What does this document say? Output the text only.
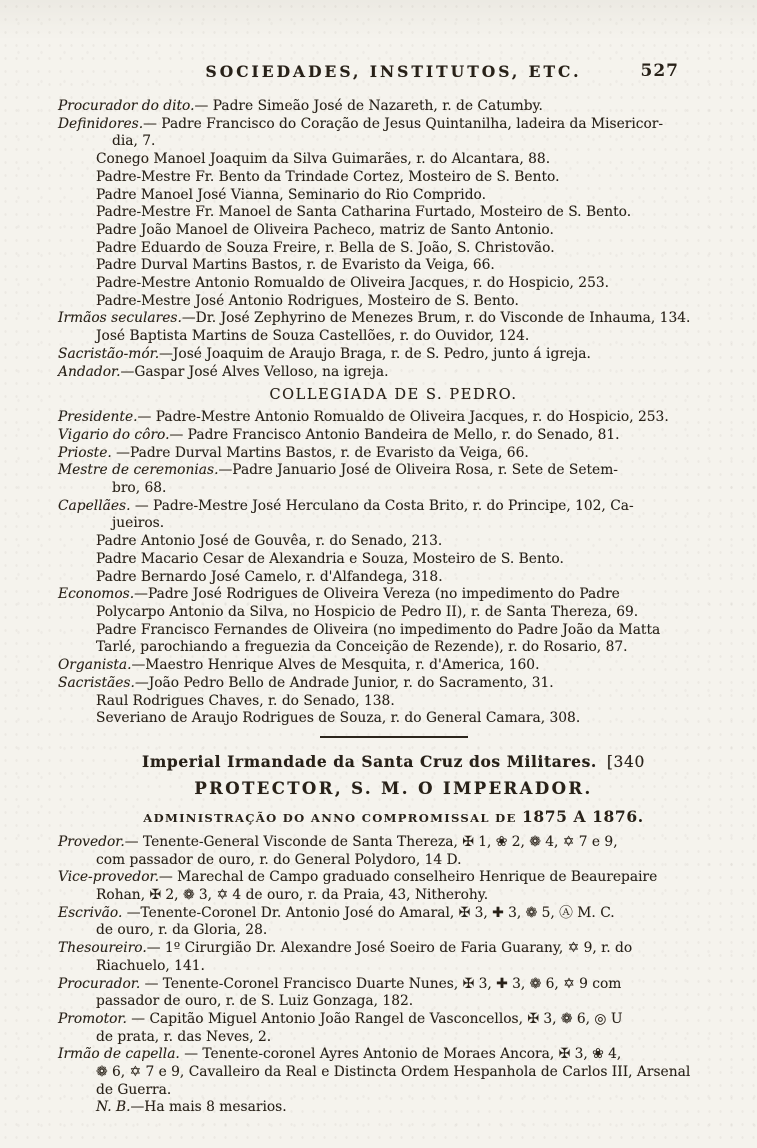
SOCIEDADES, INSTITUTOS, ETC.	527
Procurador do dito.— Padre Simeão José de Nazareth, r. de Catumby.
Definidores.— Padre Francisco do Coração de Jesus Quintanilha, ladeira da Misericor-
dia, 7.
Conego Manoel Joaquim da Silva Guimarães, r. do Alcantara, 88.
Padre-Mestre Fr. Bento da Trindade Cortez, Mosteiro de S. Bento.
Padre Manoel José Vianna, Seminario do Rio Comprido.
Padre-Mestre Fr. Manoel de Santa Catharina Furtado, Mosteiro de S. Bento.
Padre João Manoel de Oliveira Pacheco, matriz de Santo Antonio.
Padre Eduardo de Souza Freire, r. Bella de S. João, S. Christovão.
Padre Durval Martins Bastos, r. de Evaristo da Veiga, 66.
Padre-Mestre Antonio Romualdo de Oliveira Jacques, r. do Hospicio, 253.
Padre-Mestre José Antonio Rodrigues, Mosteiro de S. Bento.
Irmãos seculares.—Dr. José Zephyrino de Menezes Brum, r. do Visconde de Inhauma, 134.
José Baptista Martins de Souza Castellões, r. do Ouvidor, 124.
Sacristão-mór.—José Joaquim de Araujo Braga, r. de S. Pedro, junto á igreja.
Andador.—Gaspar José Alves Velloso, na igreja.
COLLEGIADA DE S. PEDRO.
Presidente.— Padre-Mestre Antonio Romualdo de Oliveira Jacques, r. do Hospicio, 253.
Vigario do côro.— Padre Francisco Antonio Bandeira de Mello, r. do Senado, 81.
Prioste. —Padre Durval Martins Bastos, r. de Evaristo da Veiga, 66.
Mestre de ceremonias.—Padre Januario José de Oliveira Rosa, r. Sete de Setem-
bro, 68.
Capellães. — Padre-Mestre José Herculano da Costa Brito, r. do Principe, 102, Ca-
jueiros.
Padre Antonio José de Gouvêa, r. do Senado, 213.
Padre Macario Cesar de Alexandria e Souza, Mosteiro de S. Bento.
Padre Bernardo José Camelo, r. d'Alfandega, 318.
Economos.—Padre José Rodrigues de Oliveira Vereza (no impedimento do Padre
Polycarpo Antonio da Silva, no Hospicio de Pedro II), r. de Santa Thereza, 69.
Padre Francisco Fernandes de Oliveira (no impedimento do Padre João da Matta
Tarlé, parochiando a freguezia da Conceição de Rezende), r. do Rosario, 87.
Organista.—Maestro Henrique Alves de Mesquita, r. d'America, 160.
Sacristães.—João Pedro Bello de Andrade Junior, r. do Sacramento, 31.
Raul Rodrigues Chaves, r. do Senado, 138.
Severiano de Araujo Rodrigues de Souza, r. do General Camara, 308.
Imperial Irmandade da Santa Cruz dos Militares. [340
PROTECTOR, S. M. O IMPERADOR.
ADMINISTRAÇÃO DO ANNO COMPROMISSAL DE 1875 A 1876.
Provedor.— Tenente-General Visconde de Santa Thereza, ✠ 1, ❀ 2, ❁ 4, ✡ 7 e 9,
com passador de ouro, r. do General Polydoro, 14 D.
Vice-provedor.— Marechal de Campo graduado conselheiro Henrique de Beaurepaire
Rohan, ✠ 2, ❁ 3, ✡ 4 de ouro, r. da Praia, 43, Nitherohy.
Escrivão. —Tenente-Coronel Dr. Antonio José do Amaral, ✠ 3, ✚ 3, ❁ 5, Ⓐ M. C.
de ouro, r. da Gloria, 28.
Thesoureiro.— 1º Cirurgião Dr. Alexandre José Soeiro de Faria Guarany, ✡ 9, r. do
Riachuelo, 141.
Procurador. — Tenente-Coronel Francisco Duarte Nunes, ✠ 3, ✚ 3, ❁ 6, ✡ 9 com
passador de ouro, r. de S. Luiz Gonzaga, 182.
Promotor. — Capitão Miguel Antonio João Rangel de Vasconcellos, ✠ 3, ❁ 6, ◎ U
de prata, r. das Neves, 2.
Irmão de capella. — Tenente-coronel Ayres Antonio de Moraes Ancora, ✠ 3, ❀ 4,
❁ 6, ✡ 7 e 9, Cavalleiro da Real e Distincta Ordem Hespanhola de Carlos III, Arsenal
de Guerra.
N. B.—Ha mais 8 mesarios.
